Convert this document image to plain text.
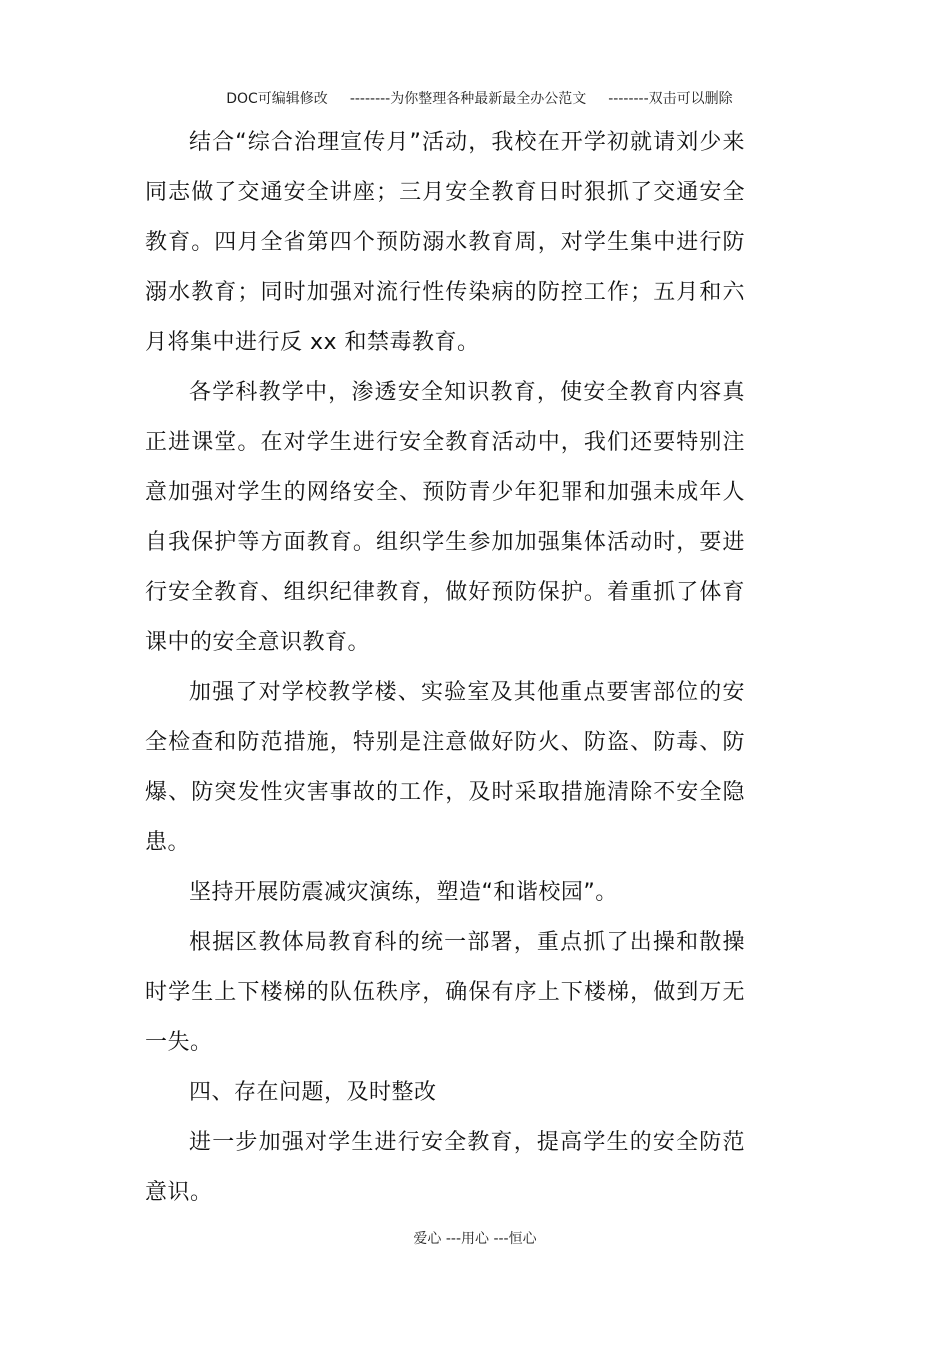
DOC可编辑修改 --------为你整理各种最新最全办公范文 --------双击可以删除

结合“综合治理宣传月”活动，我校在开学初就请刘少来同志做了交通安全讲座；三月安全教育日时狠抓了交通安全教育。四月全省第四个预防溺水教育周，对学生集中进行防溺水教育；同时加强对流行性传染病的防控工作；五月和六月将集中进行反 xx 和禁毒教育。

各学科教学中，渗透安全知识教育，使安全教育内容真正进课堂。在对学生进行安全教育活动中，我们还要特别注意加强对学生的网络安全、预防青少年犯罪和加强未成年人自我保护等方面教育。组织学生参加加强集体活动时，要进行安全教育、组织纪律教育，做好预防保护。着重抓了体育课中的安全意识教育。

加强了对学校教学楼、实验室及其他重点要害部位的安全检查和防范措施，特别是注意做好防火、防盗、防毒、防爆、防突发性灾害事故的工作，及时采取措施清除不安全隐患。

坚持开展防震减灾演练，塑造“和谐校园”。

根据区教体局教育科的统一部署，重点抓了出操和散操时学生上下楼梯的队伍秩序，确保有序上下楼梯，做到万无一失。

四、存在问题，及时整改

进一步加强对学生进行安全教育，提高学生的安全防范意识。

爱心 ---用心 ---恒心
